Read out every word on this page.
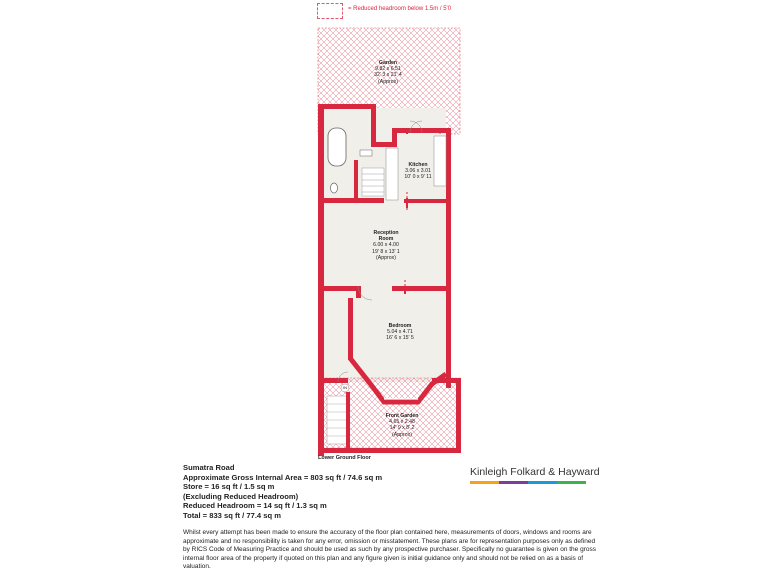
= Reduced headroom below 1.5m / 5'0
Garden
9.82 x 6.51
32' 3 x 21' 4
(Approx)
Kitchen
3.06 x 3.01
10' 0 x 9' 11
Reception
Room
6.00 x 4.00
19' 8 x 13' 1
(Approx)
Bedroom
5.04 x 4.71
16' 6 x 15' 5
Front Garden
4.65 x 2.48
14' 9 x 8' 2
(Approx)
IN
Lower Ground Floor
Sumatra Road
Approximate Gross Internal Area = 803 sq ft / 74.6 sq m
Store = 16 sq ft / 1.5 sq m
(Excluding Reduced Headroom)
Reduced Headroom = 14 sq ft / 1.3 sq m
Total = 833 sq ft / 77.4 sq m
Kinleigh Folkard & Hayward
Whilst every attempt has been made to ensure the accuracy of the floor plan contained here, measurements of doors, windows and rooms are approximate and no responsibility is taken for any error, omission or misstatement. These plans are for representation purposes only as defined by RICS Code of Measuring Practice and should be used as such by any prospective purchaser. Specifically no guarantee is given on the gross internal floor area of the property if quoted on this plan and any figure given is initial guidance only and should not be relied on as a basis of valuation.
